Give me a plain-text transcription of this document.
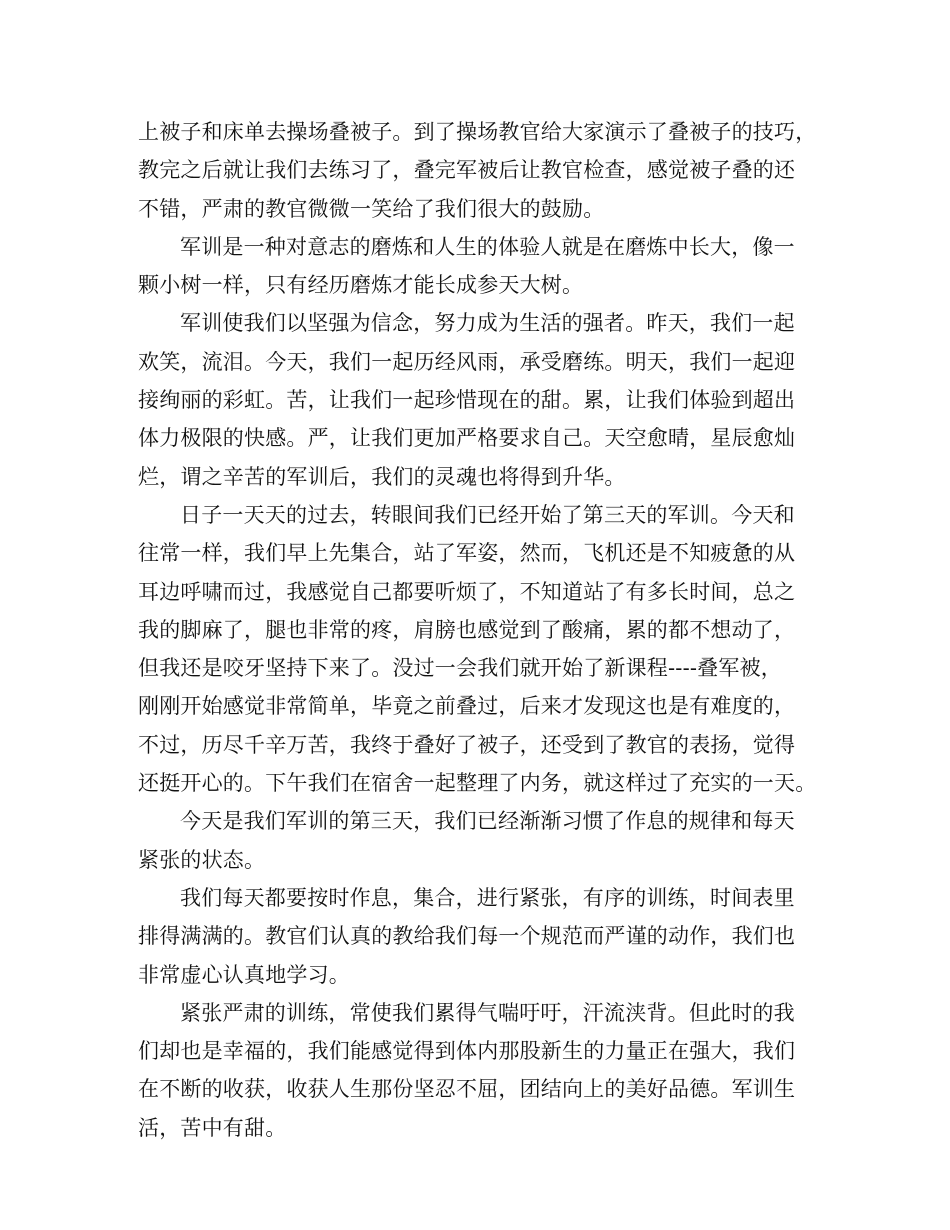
上被子和床单去操场叠被子。到了操场教官给大家演示了叠被子的技巧，

教完之后就让我们去练习了，叠完军被后让教官检查，感觉被子叠的还

不错，严肃的教官微微一笑给了我们很大的鼓励。

军训是一种对意志的磨炼和人生的体验人就是在磨炼中长大，像一

颗小树一样，只有经历磨炼才能长成参天大树。

军训使我们以坚强为信念，努力成为生活的强者。昨天，我们一起

欢笑，流泪。今天，我们一起历经风雨，承受磨练。明天，我们一起迎

接绚丽的彩虹。苦，让我们一起珍惜现在的甜。累，让我们体验到超出

体力极限的快感。严，让我们更加严格要求自己。天空愈晴，星辰愈灿

烂，谓之辛苦的军训后，我们的灵魂也将得到升华。

日子一天天的过去，转眼间我们已经开始了第三天的军训。今天和

往常一样，我们早上先集合，站了军姿，然而，飞机还是不知疲惫的从

耳边呼啸而过，我感觉自己都要听烦了，不知道站了有多长时间，总之

我的脚麻了，腿也非常的疼，肩膀也感觉到了酸痛，累的都不想动了，

但我还是咬牙坚持下来了。没过一会我们就开始了新课程----叠军被，

刚刚开始感觉非常简单，毕竟之前叠过，后来才发现这也是有难度的，

不过，历尽千辛万苦，我终于叠好了被子，还受到了教官的表扬，觉得

还挺开心的。下午我们在宿舍一起整理了内务，就这样过了充实的一天。

今天是我们军训的第三天，我们已经渐渐习惯了作息的规律和每天

紧张的状态。

我们每天都要按时作息，集合，进行紧张，有序的训练，时间表里

排得满满的。教官们认真的教给我们每一个规范而严谨的动作，我们也

非常虚心认真地学习。

紧张严肃的训练，常使我们累得气喘吁吁，汗流浃背。但此时的我

们却也是幸福的，我们能感觉得到体内那股新生的力量正在强大，我们

在不断的收获，收获人生那份坚忍不屈，团结向上的美好品德。军训生

活，苦中有甜。
